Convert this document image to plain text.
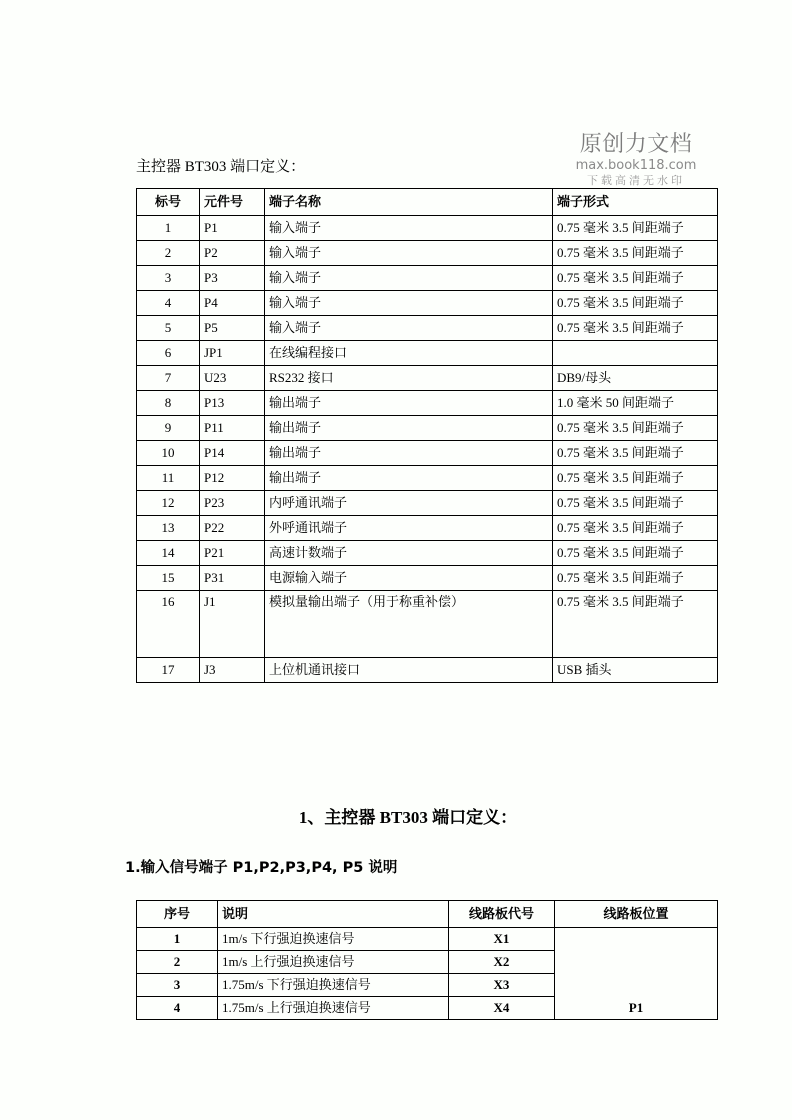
原创力文档
max.book118.com
下载高清无水印
主控器 BT303 端口定义：
标号	元件号	端子名称	端子形式
1	P1	输入端子	0.75 毫米 3.5 间距端子
2	P2	输入端子	0.75 毫米 3.5 间距端子
3	P3	输入端子	0.75 毫米 3.5 间距端子
4	P4	输入端子	0.75 毫米 3.5 间距端子
5	P5	输入端子	0.75 毫米 3.5 间距端子
6	JP1	在线编程接口	
7	U23	RS232 接口	DB9/母头
8	P13	输出端子	1.0 毫米 50 间距端子
9	P11	输出端子	0.75 毫米 3.5 间距端子
10	P14	输出端子	0.75 毫米 3.5 间距端子
11	P12	输出端子	0.75 毫米 3.5 间距端子
12	P23	内呼通讯端子	0.75 毫米 3.5 间距端子
13	P22	外呼通讯端子	0.75 毫米 3.5 间距端子
14	P21	高速计数端子	0.75 毫米 3.5 间距端子
15	P31	电源输入端子	0.75 毫米 3.5 间距端子
16	J1	模拟量输出端子（用于称重补偿）	0.75 毫米 3.5 间距端子
17	J3	上位机通讯接口	USB 插头
1、主控器 BT303 端口定义：
1.输入信号端子 P1,P2,P3,P4, P5 说明
序号	说明	线路板代号	线路板位置
1	1m/s 下行强迫换速信号	X1	P1
2	1m/s 上行强迫换速信号	X2	
3	1.75m/s 下行强迫换速信号	X3	
4	1.75m/s 上行强迫换速信号	X4	
